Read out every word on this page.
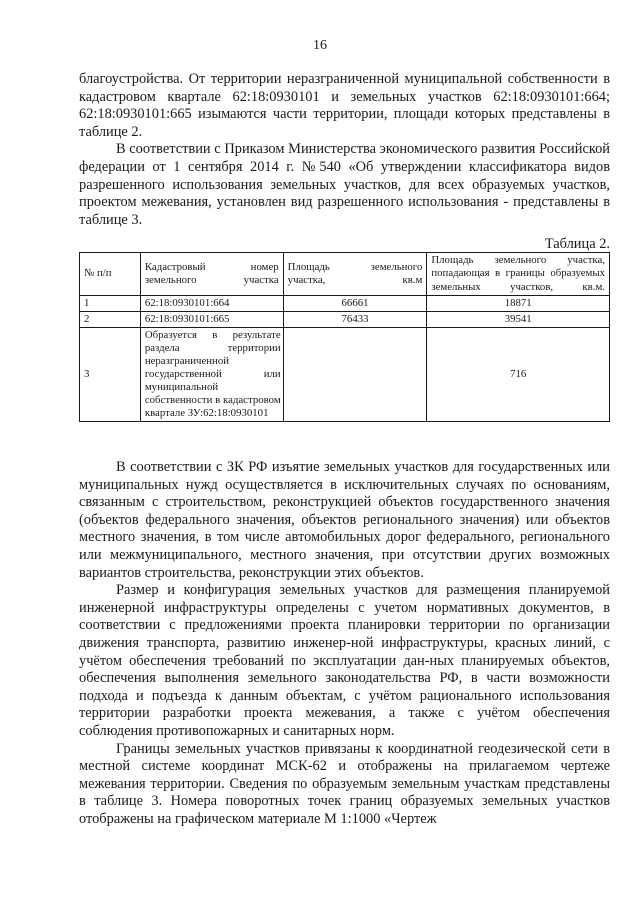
16

благоустройства. От территории неразграниченной муниципальной собственности в кадастровом квартале 62:18:0930101 и земельных участков 62:18:0930101:664; 62:18:0930101:665 изымаются части территории, площади которых представлены в таблице 2.

В соответствии с Приказом Министерства экономического развития Российской федерации от 1 сентября 2014 г. №540 «Об утверждении классификатора видов разрешенного использования земельных участков, для всех образуемых участков, проектом межевания, установлен вид разрешенного использования - представлены в таблице 3.

Таблица 2.
№ п/п	Кадастровый номер земельного участка	Площадь земельного участка, кв.м	Площадь земельного участка, попадающая в границы образуемых земельных участков, кв.м.
1	62:18:0930101:664	66661	18871
2	62:18:0930101:665	76433	39541
3	Образуется в результате раздела территории неразграниченной государственной или муниципальной собственности в кадастровом квартале ЗУ:62:18:0930101		716

В соответствии с ЗК РФ изъятие земельных участков для государственных или муниципальных нужд осуществляется в исключительных случаях по основаниям, связанным с строительством, реконструкцией объектов государственного значения (объектов федерального значения, объектов регионального значения) или объектов местного значения, в том числе автомобильных дорог федерального, регионального или межмуниципального, местного значения, при отсутствии других возможных вариантов строительства, реконструкции этих объектов.

Размер и конфигурация земельных участков для размещения планируемой инженерной инфраструктуры определены с учетом нормативных документов, в соответствии с предложениями проекта планировки территории по организации движения транспорта, развитию инженер-ной инфраструктуры, красных линий, с учётом обеспечения требований по эксплуатации дан-ных планируемых объектов, обеспечения выполнения земельного законодательства РФ, в части возможности подхода и подъезда к данным объектам, с учётом рационального использования территории разработки проекта межевания, а также с учётом обеспечения соблюдения противопожарных и санитарных норм.

Границы земельных участков привязаны к координатной геодезической сети в местной системе координат МСК-62 и отображены на прилагаемом чертеже межевания территории. Сведения по образуемым земельным участкам представлены в таблице 3. Номера поворотных точек границ образуемых земельных участков отображены на графическом материале М 1:1000 «Чертеж
